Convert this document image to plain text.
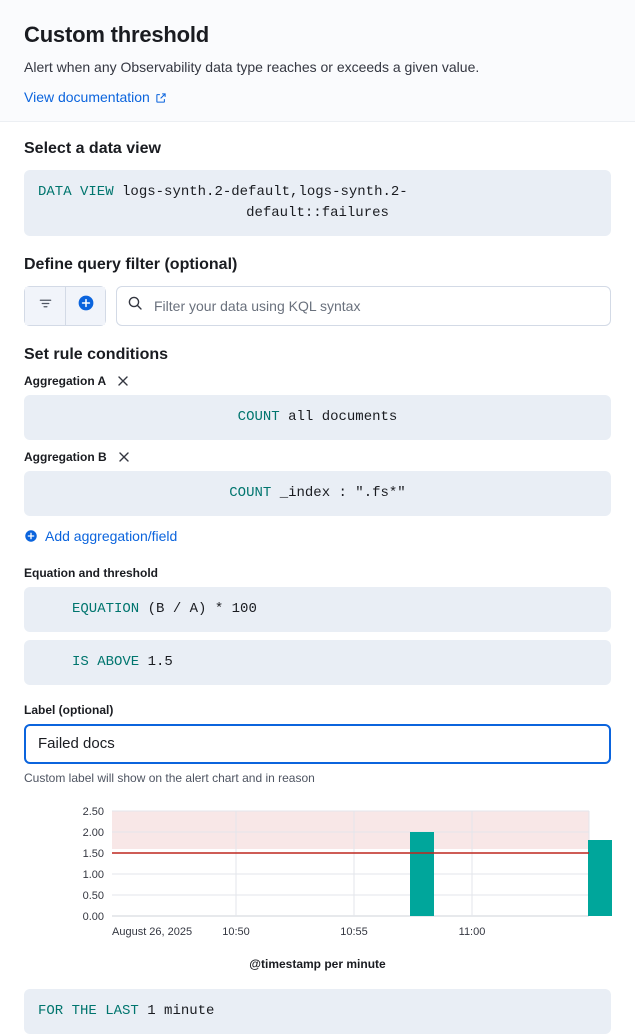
Custom threshold

Alert when any Observability data type reaches or exceeds a given value.

View documentation
Select a data view
DATA VIEW logs-synth.2-default,logs-synth.2-
default::failures
Define query filter (optional)
Filter your data using KQL syntax
Set rule conditions
Aggregation A
COUNT all documents
Aggregation B
COUNT _index : ".fs*"
Add aggregation/field
Equation and threshold
EQUATION (B / A) * 100
IS ABOVE 1.5
Label (optional)
Failed docs
Custom label will show on the alert chart and in reason
2.50
2.00
1.50
1.00
0.50
0.00
August 26, 2025	10:50	10:55	11:00
@timestamp per minute
FOR THE LAST 1 minute
